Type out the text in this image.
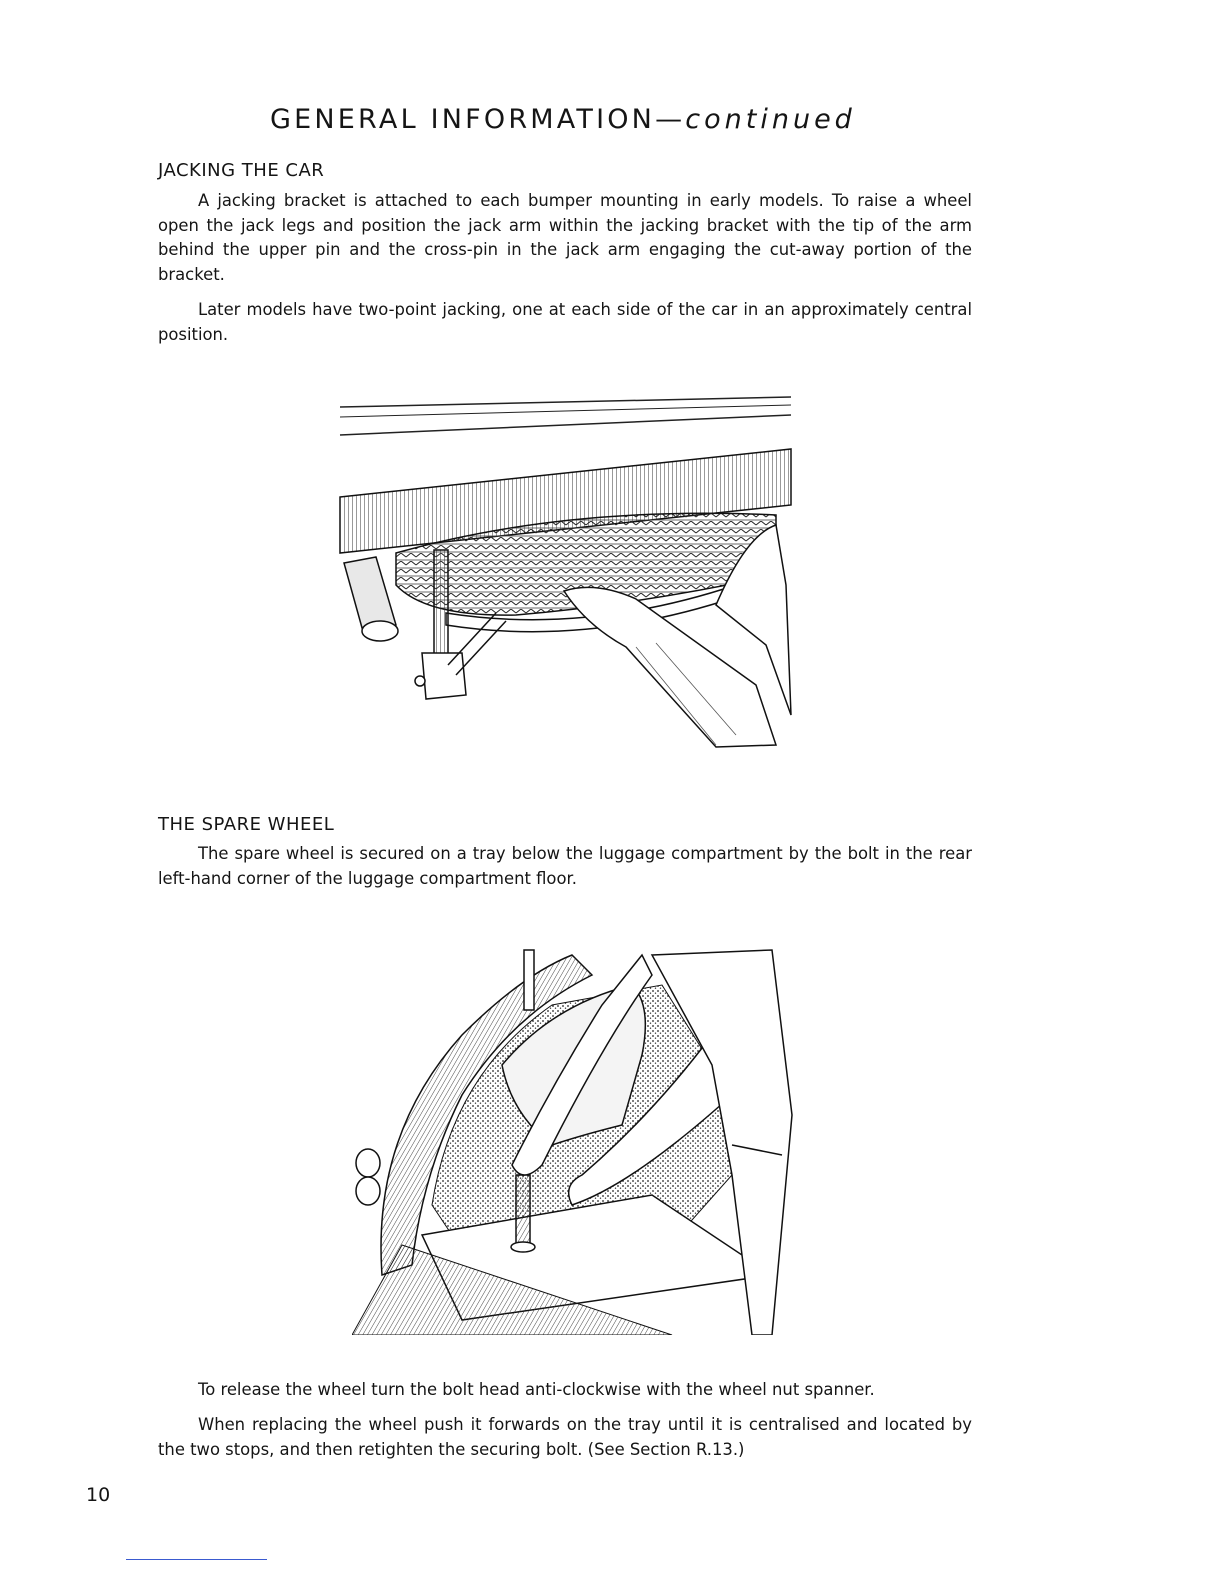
GENERAL INFORMATION—continued
JACKING THE CAR

A jacking bracket is attached to each bumper mounting in early models. To raise a wheel open the jack legs and position the jack arm within the jacking bracket with the tip of the arm behind the upper pin and the cross-pin in the jack arm engaging the cut-away portion of the bracket.

Later models have two-point jacking, one at each side of the car in an approximately central position.

THE SPARE WHEEL

The spare wheel is secured on a tray below the luggage compartment by the bolt in the rear left-hand corner of the luggage compartment floor.

To release the wheel turn the bolt head anti-clockwise with the wheel nut spanner.

When replacing the wheel push it forwards on the tray until it is centralised and located by the two stops, and then retighten the securing bolt. (See Section R.13.)

10
